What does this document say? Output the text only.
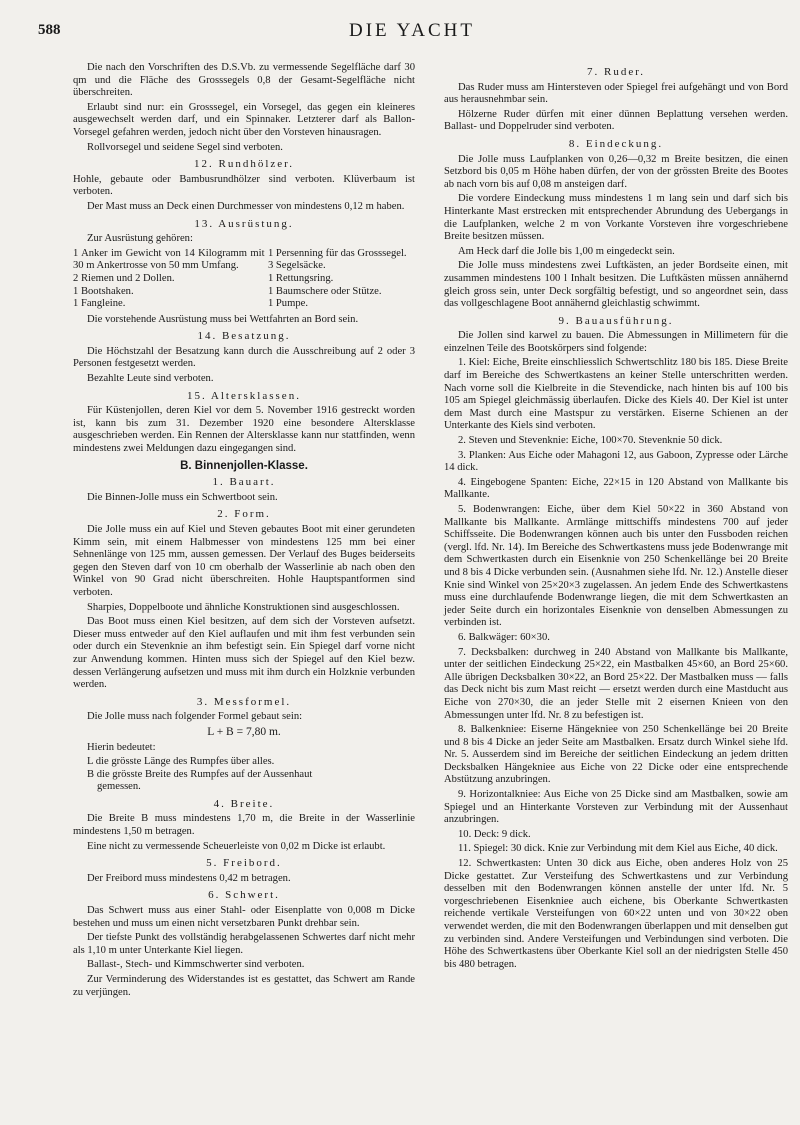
588	DIE YACHT

Die nach den Vorschriften des D.S.Vb. zu vermessende Segelfläche darf 30 qm und die Fläche des Grosssegels 0,8 der Gesamt-Segelfläche nicht überschreiten.

Erlaubt sind nur: ein Grosssegel, ein Vorsegel, das gegen ein kleineres ausgewechselt werden darf, und ein Spinnaker. Letzterer darf als Ballon-Vorsegel gefahren werden, jedoch nicht über den Vorsteven hinausragen.

Rollvorsegel und seidene Segel sind verboten.

12. Rundhölzer.

Hohle, gebaute oder Bambusrundhölzer sind verboten. Klüverbaum ist verboten.

Der Mast muss an Deck einen Durchmesser von mindestens 0,12 m haben.

13. Ausrüstung.

Zur Ausrüstung gehören:

1 Anker im Gewicht von 14 Kilogramm mit 30 m Ankertrosse von 50 mm Umfang.
2 Riemen und 2 Dollen.
1 Bootshaken.
1 Fangleine.
1 Persenning für das Grosssegel.
3 Segelsäcke.
1 Rettungsring.
1 Baumschere oder Stütze.
1 Pumpe.

Die vorstehende Ausrüstung muss bei Wettfahrten an Bord sein.

14. Besatzung.

Die Höchstzahl der Besatzung kann durch die Ausschreibung auf 2 oder 3 Personen festgesetzt werden.

Bezahlte Leute sind verboten.

15. Altersklassen.

Für Küstenjollen, deren Kiel vor dem 5. November 1916 gestreckt worden ist, kann bis zum 31. Dezember 1920 eine besondere Altersklasse ausgeschrieben werden. Ein Rennen der Altersklasse kann nur stattfinden, wenn mindestens zwei Meldungen dazu eingegangen sind.

B. Binnenjollen-Klasse.
1. Bauart.

Die Binnen-Jolle muss ein Schwertboot sein.

2. Form.

Die Jolle muss ein auf Kiel und Steven gebautes Boot mit einer gerundeten Kimm sein, mit einem Halbmesser von mindestens 125 mm bei einer Sehnenlänge von 125 mm, aussen gemessen. Der Verlauf des Buges beiderseits gegen den Steven darf von 10 cm oberhalb der Wasserlinie ab nach oben den Winkel von 90 Grad nicht überschreiten. Hohle Hauptspantformen sind verboten.

Sharpies, Doppelboote und ähnliche Konstruktionen sind ausgeschlossen.

Das Boot muss einen Kiel besitzen, auf dem sich der Vorsteven aufsetzt. Dieser muss entweder auf den Kiel auflaufen und mit ihm fest verbunden sein oder durch ein Stevenknie an ihm befestigt sein. Ein Spiegel darf vorne nicht zur Anwendung kommen. Hinten muss sich der Spiegel auf den Kiel bezw. dessen Verlängerung aufsetzen und muss mit ihm durch ein Holzknie verbunden werden.

3. Messformel.

Die Jolle muss nach folgender Formel gebaut sein:

L + B = 7,80 m.

Hierin bedeutet:

L die grösste Länge des Rumpfes über alles.
B die grösste Breite des Rumpfes auf der Aussenhaut
gemessen.
4. Breite.

Die Breite B muss mindestens 1,70 m, die Breite in der Wasserlinie mindestens 1,50 m betragen.

Eine nicht zu vermessende Scheuerleiste von 0,02 m Dicke ist erlaubt.

5. Freibord.

Der Freibord muss mindestens 0,42 m betragen.

6. Schwert.

Das Schwert muss aus einer Stahl- oder Eisenplatte von 0,008 m Dicke bestehen und muss um einen nicht versetzbaren Punkt drehbar sein.

Der tiefste Punkt des vollständig herabgelassenen Schwertes darf nicht mehr als 1,10 m unter Unterkante Kiel liegen.

Ballast-, Stech- und Kimmschwerter sind verboten.

Zur Verminderung des Widerstandes ist es gestattet, das Schwert am Rande zu verjüngen.

7. Ruder.

Das Ruder muss am Hintersteven oder Spiegel frei aufgehängt und von Bord aus herausnehmbar sein.

Hölzerne Ruder dürfen mit einer dünnen Beplattung versehen werden. Ballast- und Doppelruder sind verboten.

8. Eindeckung.

Die Jolle muss Laufplanken von 0,26—0,32 m Breite besitzen, die einen Setzbord bis 0,05 m Höhe haben dürfen, der von der grössten Breite des Bootes ab nach vorn bis auf 0,08 m ansteigen darf.

Die vordere Eindeckung muss mindestens 1 m lang sein und darf sich bis Hinterkante Mast erstrecken mit entsprechender Abrundung des Uebergangs in die Laufplanken, welche 2 m von Vorkante Vorsteven ihre vorgeschriebene Breite besitzen müssen.

Am Heck darf die Jolle bis 1,00 m eingedeckt sein.

Die Jolle muss mindestens zwei Luftkästen, an jeder Bordseite einen, mit zusammen mindestens 100 l Inhalt besitzen. Die Luftkästen müssen annähernd gleich gross sein, unter Deck sorgfältig befestigt, und so angeordnet sein, dass das vollgeschlagene Boot annähernd gleichlastig schwimmt.

9. Bauausführung.

Die Jollen sind karwel zu bauen. Die Abmessungen in Millimetern für die einzelnen Teile des Bootskörpers sind folgende:

1. Kiel: Eiche, Breite einschliesslich Schwertschlitz 180 bis 185. Diese Breite darf im Bereiche des Schwertkastens an keiner Stelle unterschritten werden. Nach vorne soll die Kielbreite in die Stevendicke, nach hinten bis auf 100 bis 105 am Spiegel gleichmässig überlaufen. Dicke des Kiels 40. Der Kiel ist unter dem Mast durch eine Mastspur zu verstärken. Eiserne Schienen an der Unterkante des Kiels sind verboten.

2. Steven und Stevenknie: Eiche, 100×70. Stevenknie 50 dick.

3. Planken: Aus Eiche oder Mahagoni 12, aus Gaboon, Zypresse oder Lärche 14 dick.

4. Eingebogene Spanten: Eiche, 22×15 in 120 Abstand von Mallkante bis Mallkante.

5. Bodenwrangen: Eiche, über dem Kiel 50×22 in 360 Abstand von Mallkante bis Mallkante. Armlänge mittschiffs mindestens 700 auf jeder Schiffsseite. Die Bodenwrangen können auch bis unter den Fussboden reichen (vergl. lfd. Nr. 14). Im Bereiche des Schwertkastens muss jede Bodenwrange mit dem Schwertkasten durch ein Eisenknie von 250 Schenkellänge bei 20 Breite und 8 bis 4 Dicke verbunden sein. (Ausnahmen siehe lfd. Nr. 12.) Anstelle dieser Knie sind Winkel von 25×20×3 zugelassen. An jedem Ende des Schwertkastens muss eine durchlaufende Bodenwrange liegen, die mit dem Schwertkasten an jeder Seite durch ein horizontales Eisenknie von denselben Abmessungen zu verbinden ist.

6. Balkwäger: 60×30.

7. Decksbalken: durchweg in 240 Abstand von Mallkante bis Mallkante, unter der seitlichen Eindeckung 25×22, ein Mastbalken 45×60, an Bord 25×60. Alle übrigen Decksbalken 30×22, an Bord 25×22. Der Mastbalken muss — falls das Deck nicht bis zum Mast reicht — ersetzt werden durch eine Mastducht aus Eiche von 270×30, die an jeder Stelle mit 2 eisernen Knieen von den Abmessungen unter lfd. Nr. 8 zu befestigen ist.

8. Balkenkniee: Eiserne Hängekniee von 250 Schenkellänge bei 20 Breite und 8 bis 4 Dicke an jeder Seite am Mastbalken. Ersatz durch Winkel siehe lfd. Nr. 5. Ausserdem sind im Bereiche der seitlichen Eindeckung an jedem dritten Decksbalken Hängekniee aus Eiche von 22 Dicke oder eine entsprechende Abstützung anzubringen.

9. Horizontalkniee: Aus Eiche von 25 Dicke sind am Mastbalken, sowie am Spiegel und an Hinterkante Vorsteven zur Verbindung mit der Aussenhaut anzubringen.

10. Deck: 9 dick.

11. Spiegel: 30 dick. Knie zur Verbindung mit dem Kiel aus Eiche, 40 dick.

12. Schwertkasten: Unten 30 dick aus Eiche, oben anderes Holz von 25 Dicke gestattet. Zur Versteifung des Schwertkastens und zur Verbindung desselben mit den Bodenwrangen können anstelle der unter lfd. Nr. 5 vorgeschriebenen Eisenkniee auch eichene, bis Oberkante Schwertkasten reichende vertikale Versteifungen von 60×22 unten und von 30×22 oben verwendet werden, die mit den Bodenwrangen überlappen und mit denselben gut zu verbinden sind. Andere Versteifungen und Verbindungen sind verboten. Die Höhe des Schwertkastens über Oberkante Kiel soll an der niedrigsten Stelle 450 bis 480 betragen.
